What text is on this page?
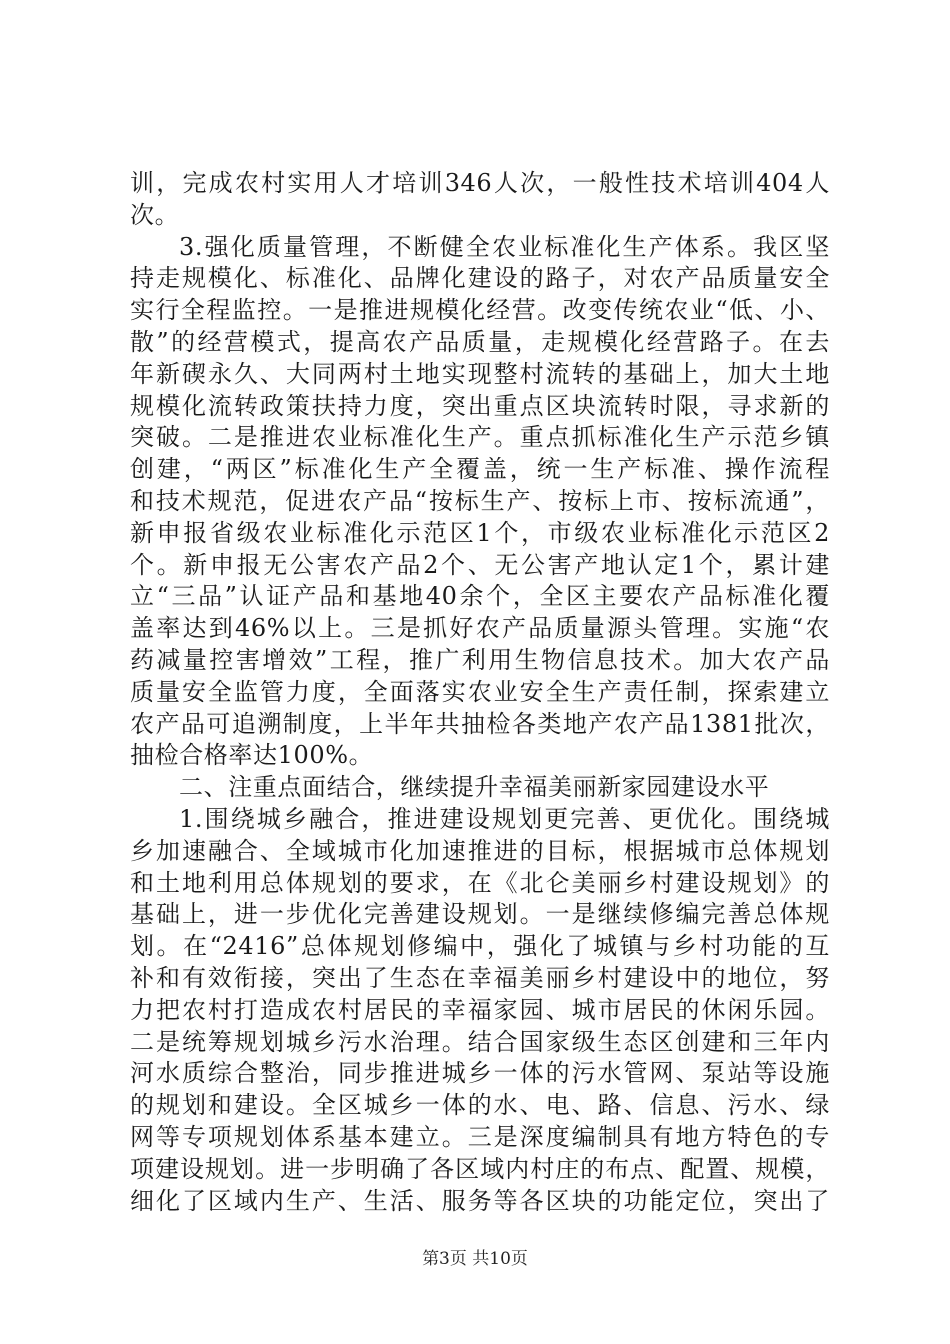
训，完成农村实用人才培训346人次，一般性技术培训404人
次。
3.强化质量管理，不断健全农业标准化生产体系。我区坚
持走规模化、标准化、品牌化建设的路子，对农产品质量安全
实行全程监控。一是推进规模化经营。改变传统农业“低、小、
散”的经营模式，提高农产品质量，走规模化经营路子。在去
年新碶永久、大同两村土地实现整村流转的基础上，加大土地
规模化流转政策扶持力度，突出重点区块流转时限，寻求新的
突破。二是推进农业标准化生产。重点抓标准化生产示范乡镇
创建，“两区”标准化生产全覆盖，统一生产标准、操作流程
和技术规范，促进农产品“按标生产、按标上市、按标流通”，
新申报省级农业标准化示范区1个，市级农业标准化示范区2
个。新申报无公害农产品2个、无公害产地认定1个，累计建
立“三品”认证产品和基地40余个，全区主要农产品标准化覆
盖率达到46%以上。三是抓好农产品质量源头管理。实施“农
药减量控害增效”工程，推广利用生物信息技术。加大农产品
质量安全监管力度，全面落实农业安全生产责任制，探索建立
农产品可追溯制度，上半年共抽检各类地产农产品1381批次，
抽检合格率达100%。
二、注重点面结合，继续提升幸福美丽新家园建设水平
1.围绕城乡融合，推进建设规划更完善、更优化。围绕城
乡加速融合、全域城市化加速推进的目标，根据城市总体规划
和土地利用总体规划的要求，在《北仑美丽乡村建设规划》的
基础上，进一步优化完善建设规划。一是继续修编完善总体规
划。在“2416”总体规划修编中，强化了城镇与乡村功能的互
补和有效衔接，突出了生态在幸福美丽乡村建设中的地位，努
力把农村打造成农村居民的幸福家园、城市居民的休闲乐园。
二是统筹规划城乡污水治理。结合国家级生态区创建和三年内
河水质综合整治，同步推进城乡一体的污水管网、泵站等设施
的规划和建设。全区城乡一体的水、电、路、信息、污水、绿
网等专项规划体系基本建立。三是深度编制具有地方特色的专
项建设规划。进一步明确了各区域内村庄的布点、配置、规模，
细化了区域内生产、生活、服务等各区块的功能定位，突出了
第3页 共10页
